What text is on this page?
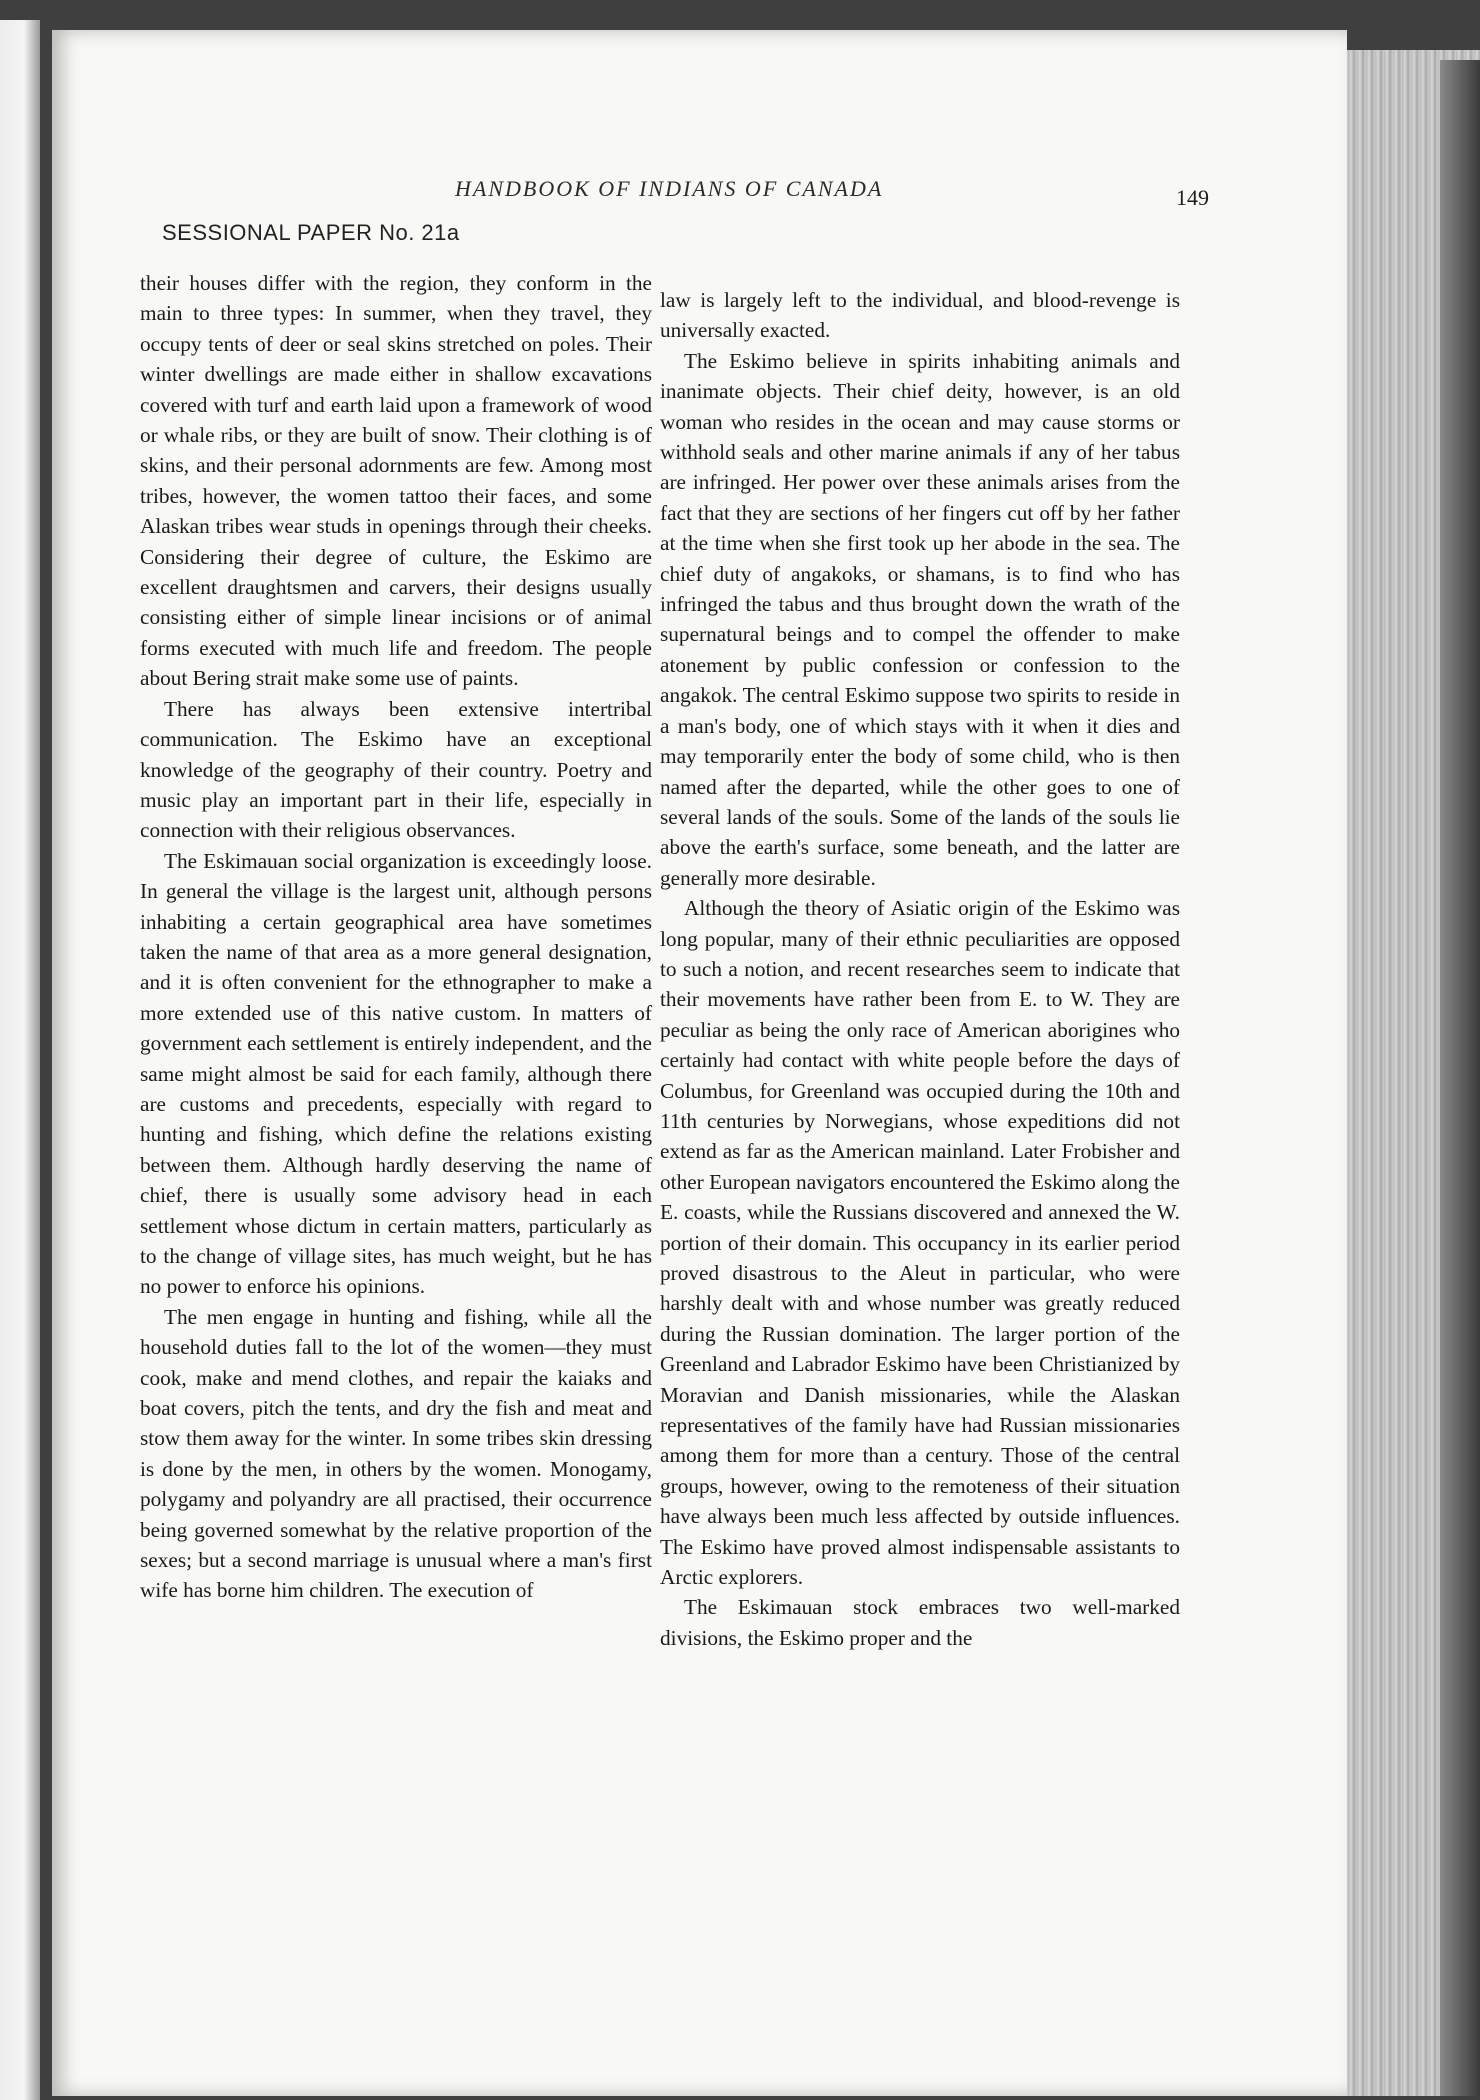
HANDBOOK OF INDIANS OF CANADA	149
SESSIONAL PAPER No. 21a

their houses differ with the region, they conform in the main to three types: In summer, when they travel, they occupy tents of deer or seal skins stretched on poles. Their winter dwellings are made either in shallow excavations covered with turf and earth laid upon a framework of wood or whale ribs, or they are built of snow. Their clothing is of skins, and their personal adornments are few. Among most tribes, however, the women tattoo their faces, and some Alaskan tribes wear studs in openings through their cheeks. Considering their degree of culture, the Eskimo are excellent draughtsmen and carvers, their designs usually consisting either of simple linear incisions or of animal forms executed with much life and freedom. The people about Bering strait make some use of paints.

There has always been extensive intertribal communication. The Eskimo have an exceptional knowledge of the geography of their country. Poetry and music play an important part in their life, especially in connection with their religious observances.

The Eskimauan social organization is exceedingly loose. In general the village is the largest unit, although persons inhabiting a certain geographical area have sometimes taken the name of that area as a more general designation, and it is often convenient for the ethnographer to make a more extended use of this native custom. In matters of government each settlement is entirely independent, and the same might almost be said for each family, although there are customs and precedents, especially with regard to hunting and fishing, which define the relations existing between them. Although hardly deserving the name of chief, there is usually some advisory head in each settlement whose dictum in certain matters, particularly as to the change of village sites, has much weight, but he has no power to enforce his opinions.

The men engage in hunting and fishing, while all the household duties fall to the lot of the women—they must cook, make and mend clothes, and repair the kaiaks and boat covers, pitch the tents, and dry the fish and meat and stow them away for the winter. In some tribes skin dressing is done by the men, in others by the women. Monogamy, polygamy and polyandry are all practised, their occurrence being governed somewhat by the relative proportion of the sexes; but a second marriage is unusual where a man's first wife has borne him children. The execution of

law is largely left to the individual, and blood-revenge is universally exacted.

The Eskimo believe in spirits inhabiting animals and inanimate objects. Their chief deity, however, is an old woman who resides in the ocean and may cause storms or withhold seals and other marine animals if any of her tabus are infringed. Her power over these animals arises from the fact that they are sections of her fingers cut off by her father at the time when she first took up her abode in the sea. The chief duty of angakoks, or shamans, is to find who has infringed the tabus and thus brought down the wrath of the supernatural beings and to compel the offender to make atonement by public confession or confession to the angakok. The central Eskimo suppose two spirits to reside in a man's body, one of which stays with it when it dies and may temporarily enter the body of some child, who is then named after the departed, while the other goes to one of several lands of the souls. Some of the lands of the souls lie above the earth's surface, some beneath, and the latter are generally more desirable.

Although the theory of Asiatic origin of the Eskimo was long popular, many of their ethnic peculiarities are opposed to such a notion, and recent researches seem to indicate that their movements have rather been from E. to W. They are peculiar as being the only race of American aborigines who certainly had contact with white people before the days of Columbus, for Greenland was occupied during the 10th and 11th centuries by Norwegians, whose expeditions did not extend as far as the American mainland. Later Frobisher and other European navigators encountered the Eskimo along the E. coasts, while the Russians discovered and annexed the W. portion of their domain. This occupancy in its earlier period proved disastrous to the Aleut in particular, who were harshly dealt with and whose number was greatly reduced during the Russian domination. The larger portion of the Greenland and Labrador Eskimo have been Christianized by Moravian and Danish missionaries, while the Alaskan representatives of the family have had Russian missionaries among them for more than a century. Those of the central groups, however, owing to the remoteness of their situation have always been much less affected by outside influences. The Eskimo have proved almost indispensable assistants to Arctic explorers.

The Eskimauan stock embraces two well-marked divisions, the Eskimo proper and the
